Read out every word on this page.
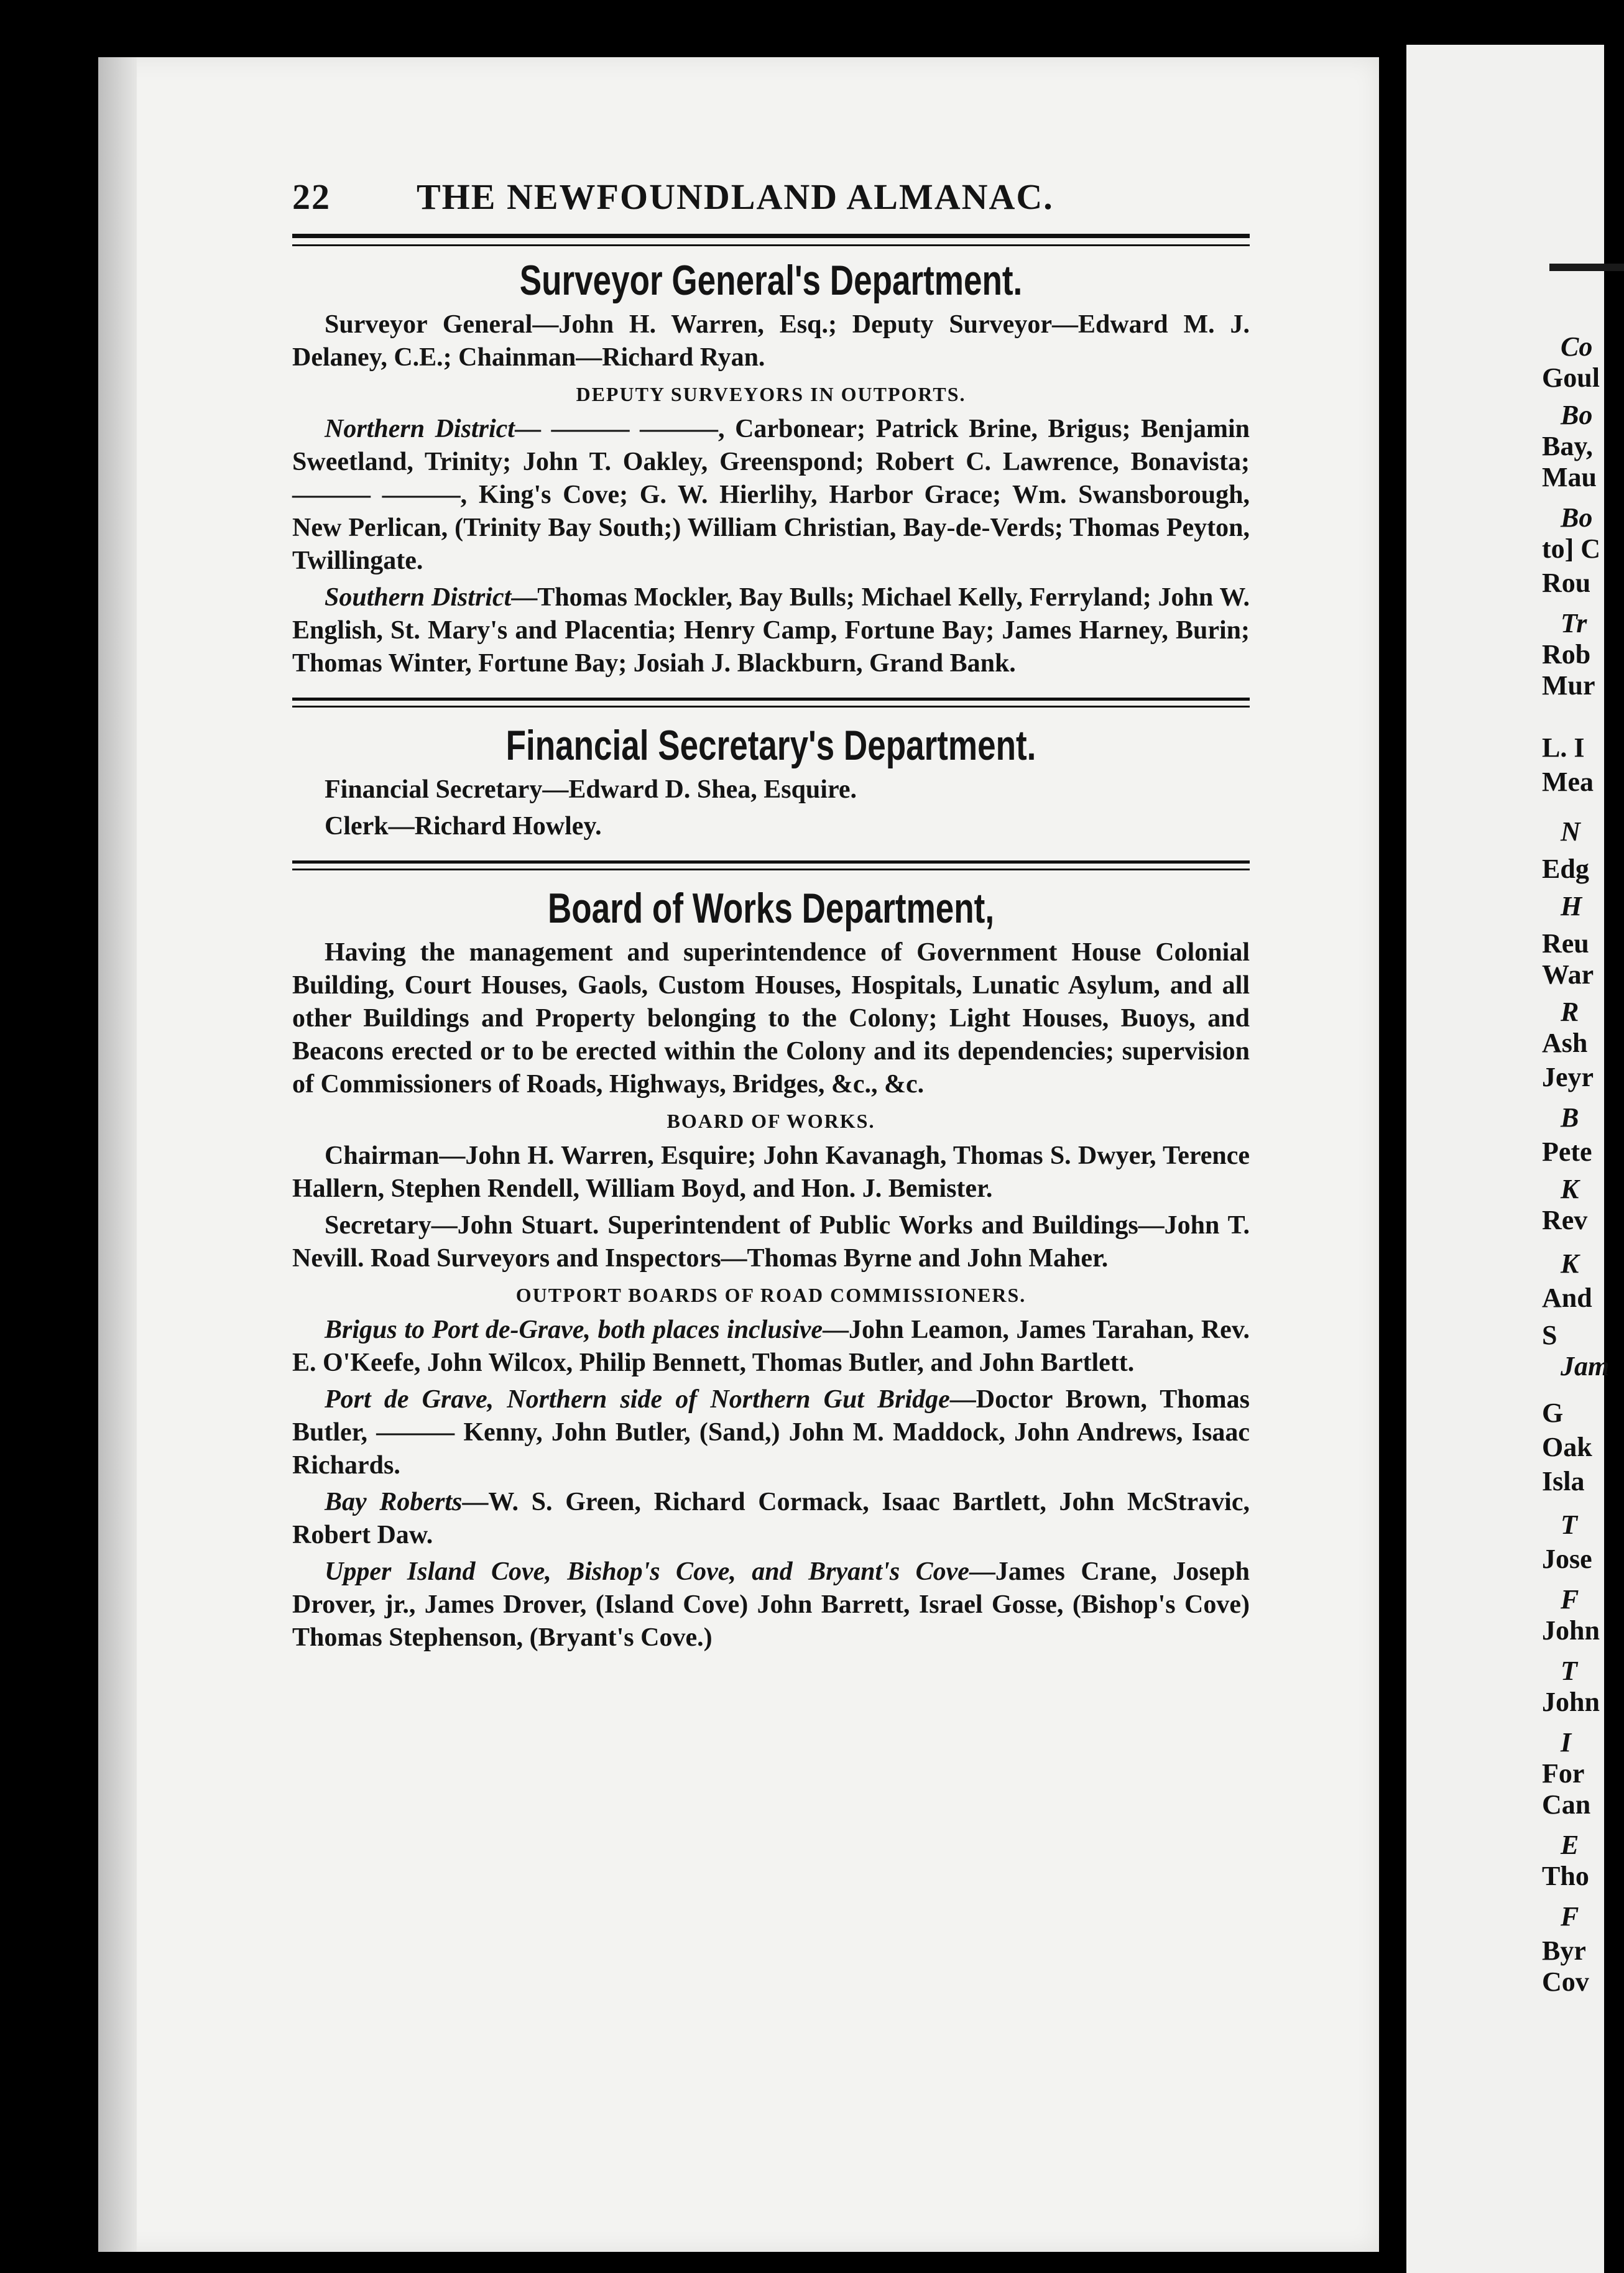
Co
Goul
Bo
Bay,
Mau
Bo
to] C
Rou
Tr
Rob
Mur
L. I
Mea
N
Edg
H
Reu
War
R
Ash
Jeyr
B
Pete
K
Rev
K
And
S
Jam
G
Oak
Isla
T
Jose
F
John
T
John
I
For
Can
E
Tho
F
Byr
Cov
22	THE NEWFOUNDLAND ALMANAC.
Surveyor General's Department.

Surveyor General—John H. Warren, Esq.; Deputy Surveyor—Edward M. J. Delaney, C.E.; Chainman—Richard Ryan.

DEPUTY SURVEYORS IN OUTPORTS.

Northern District— ——— ———, Carbonear; Patrick Brine, Brigus; Benjamin Sweetland, Trinity; John T. Oakley, Greenspond; Robert C. Lawrence, Bonavista; ——— ———, King's Cove; G. W. Hierlihy, Harbor Grace; Wm. Swansborough, New Perlican, (Trinity Bay South;) William Christian, Bay-de-Verds; Thomas Peyton, Twillingate.

Southern District—Thomas Mockler, Bay Bulls; Michael Kelly, Ferryland; John W. English, St. Mary's and Placentia; Henry Camp, Fortune Bay; James Harney, Burin; Thomas Winter, Fortune Bay; Josiah J. Blackburn, Grand Bank.

Financial Secretary's Department.

Financial Secretary—Edward D. Shea, Esquire.

Clerk—Richard Howley.

Board of Works Department,

Having the management and superintendence of Government House Colonial Building, Court Houses, Gaols, Custom Houses, Hospitals, Lunatic Asylum, and all other Buildings and Property belonging to the Colony; Light Houses, Buoys, and Beacons erected or to be erected within the Colony and its dependencies; supervision of Commissioners of Roads, Highways, Bridges, &c., &c.

BOARD OF WORKS.

Chairman—John H. Warren, Esquire; John Kavanagh, Thomas S. Dwyer, Terence Hallern, Stephen Rendell, William Boyd, and Hon. J. Bemister.

Secretary—John Stuart. Superintendent of Public Works and Buildings—John T. Nevill. Road Surveyors and Inspectors—Thomas Byrne and John Maher.

OUTPORT BOARDS OF ROAD COMMISSIONERS.

Brigus to Port de-Grave, both places inclusive—John Leamon, James Tarahan, Rev. E. O'Keefe, John Wilcox, Philip Bennett, Thomas Butler, and John Bartlett.

Port de Grave, Northern side of Northern Gut Bridge—Doctor Brown, Thomas Butler, ——— Kenny, John Butler, (Sand,) John M. Maddock, John Andrews, Isaac Richards.

Bay Roberts—W. S. Green, Richard Cormack, Isaac Bartlett, John McStravic, Robert Daw.

Upper Island Cove, Bishop's Cove, and Bryant's Cove—James Crane, Joseph Drover, jr., James Drover, (Island Cove) John Barrett, Israel Gosse, (Bishop's Cove) Thomas Stephenson, (Bryant's Cove.)
